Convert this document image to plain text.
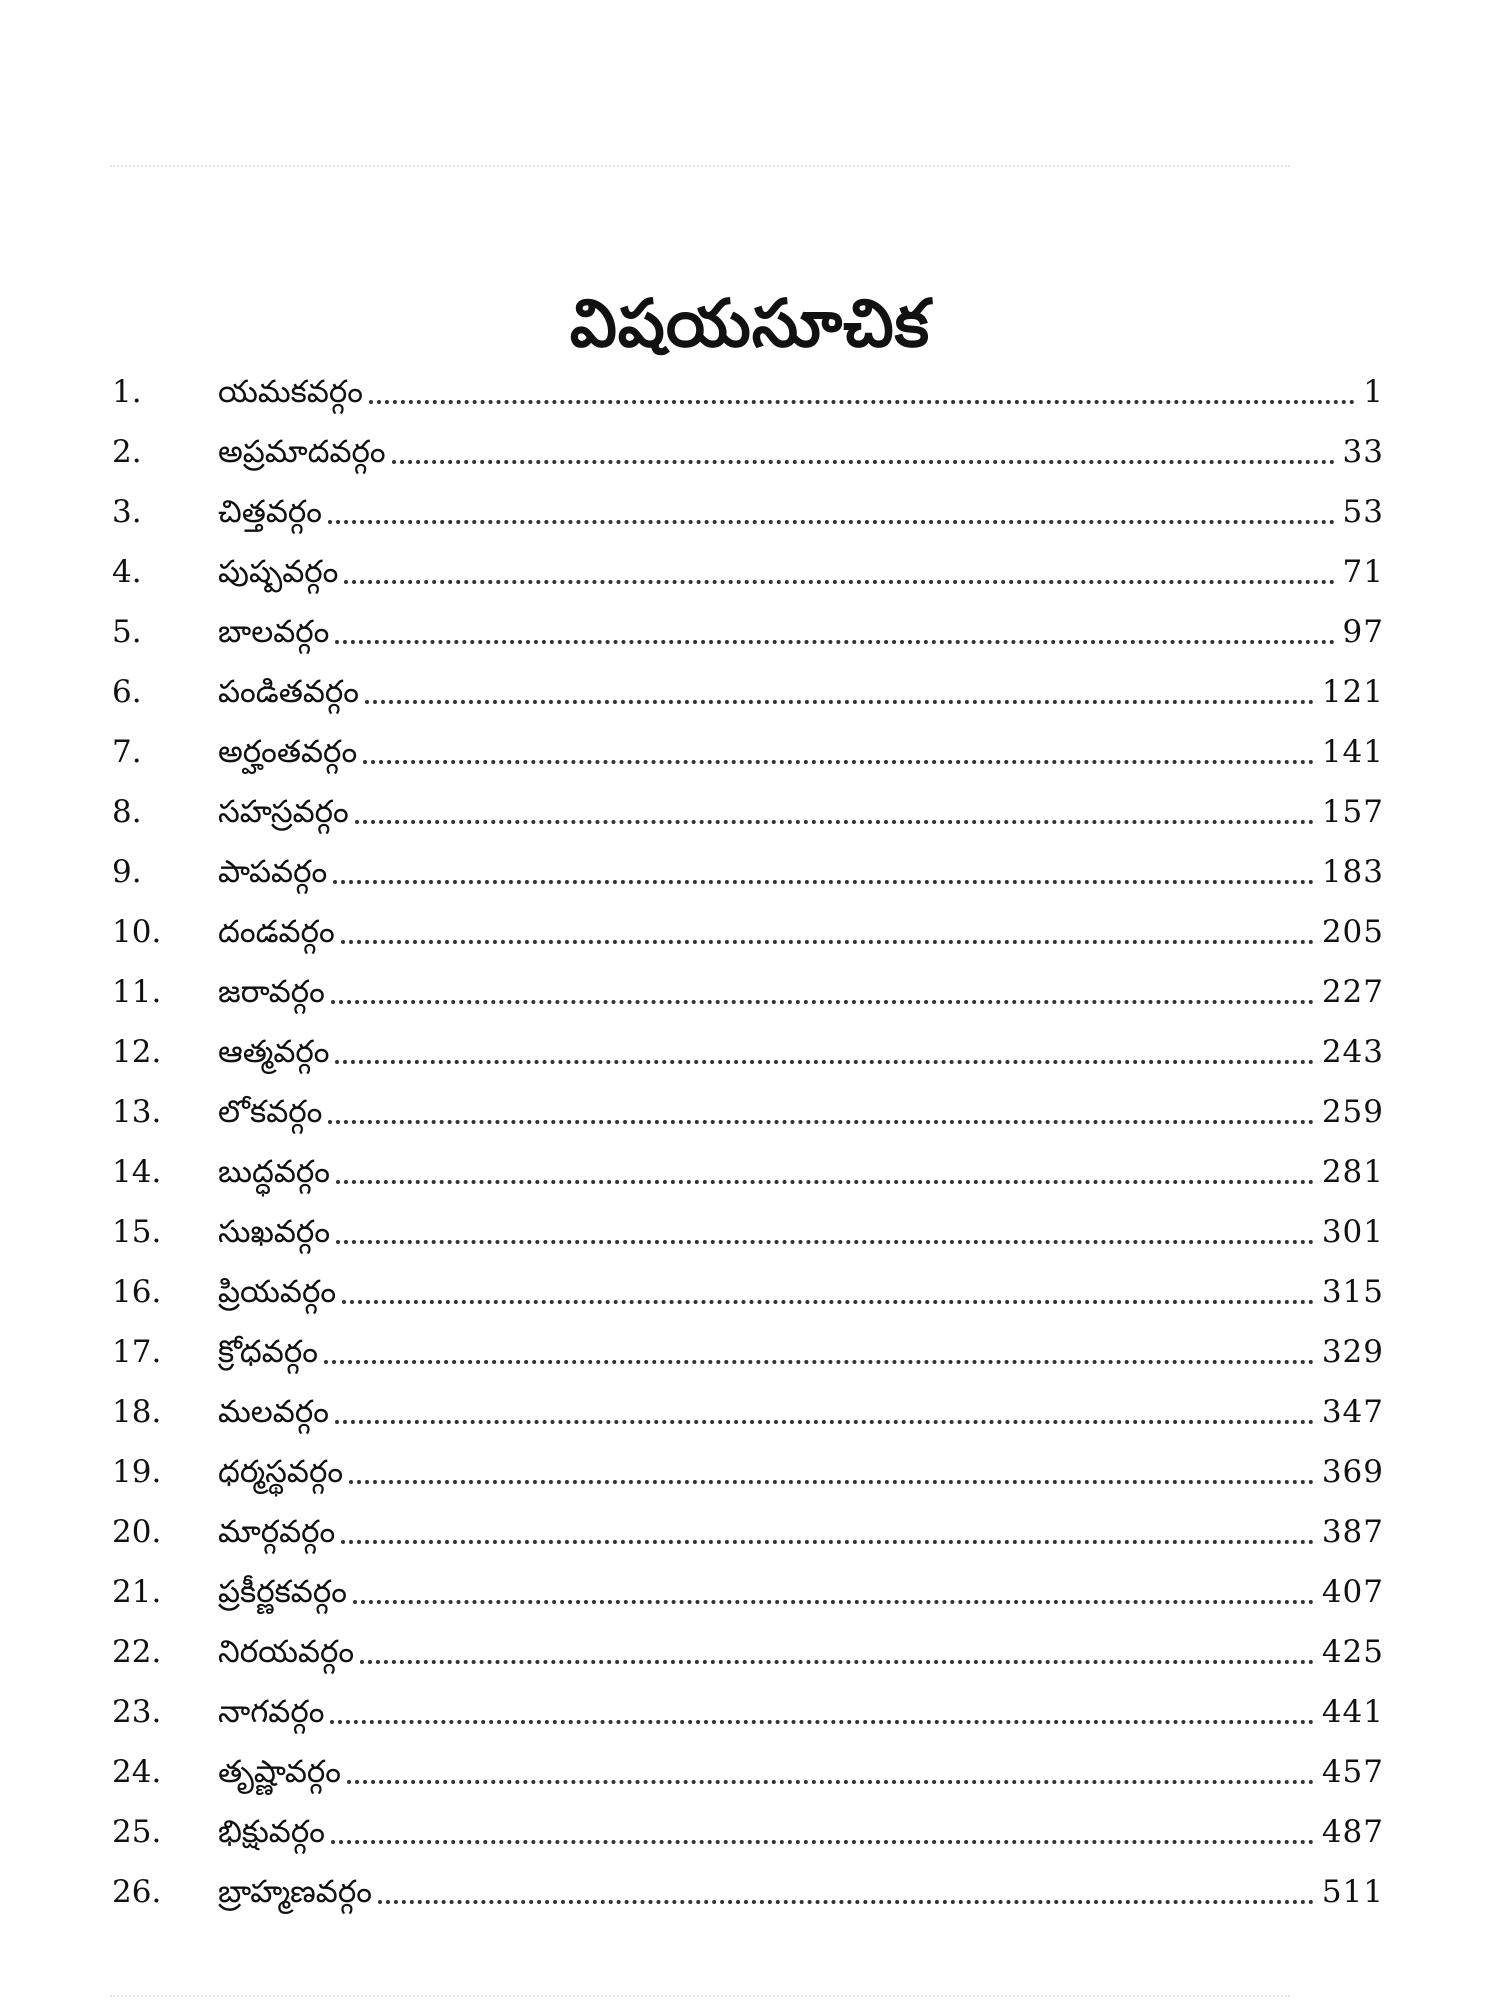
విషయసూచిక
1.	యమకవర్గం	1
2.	అప్రమాదవర్గం	33
3.	చిత్తవర్గం	53
4.	పుష్పవర్గం	71
5.	బాలవర్గం	97
6.	పండితవర్గం	121
7.	అర్హంతవర్గం	141
8.	సహస్రవర్గం	157
9.	పాపవర్గం	183
10.	దండవర్గం	205
11.	జరావర్గం	227
12.	ఆత్మవర్గం	243
13.	లోకవర్గం	259
14.	బుద్ధవర్గం	281
15.	సుఖవర్గం	301
16.	ప్రియవర్గం	315
17.	క్రోధవర్గం	329
18.	మలవర్గం	347
19.	ధర్మస్థవర్గం	369
20.	మార్గవర్గం	387
21.	ప్రకీర్ణకవర్గం	407
22.	నిరయవర్గం	425
23.	నాగవర్గం	441
24.	తృష్ణావర్గం	457
25.	భిక్షువర్గం	487
26.	బ్రాహ్మణవర్గం	511
